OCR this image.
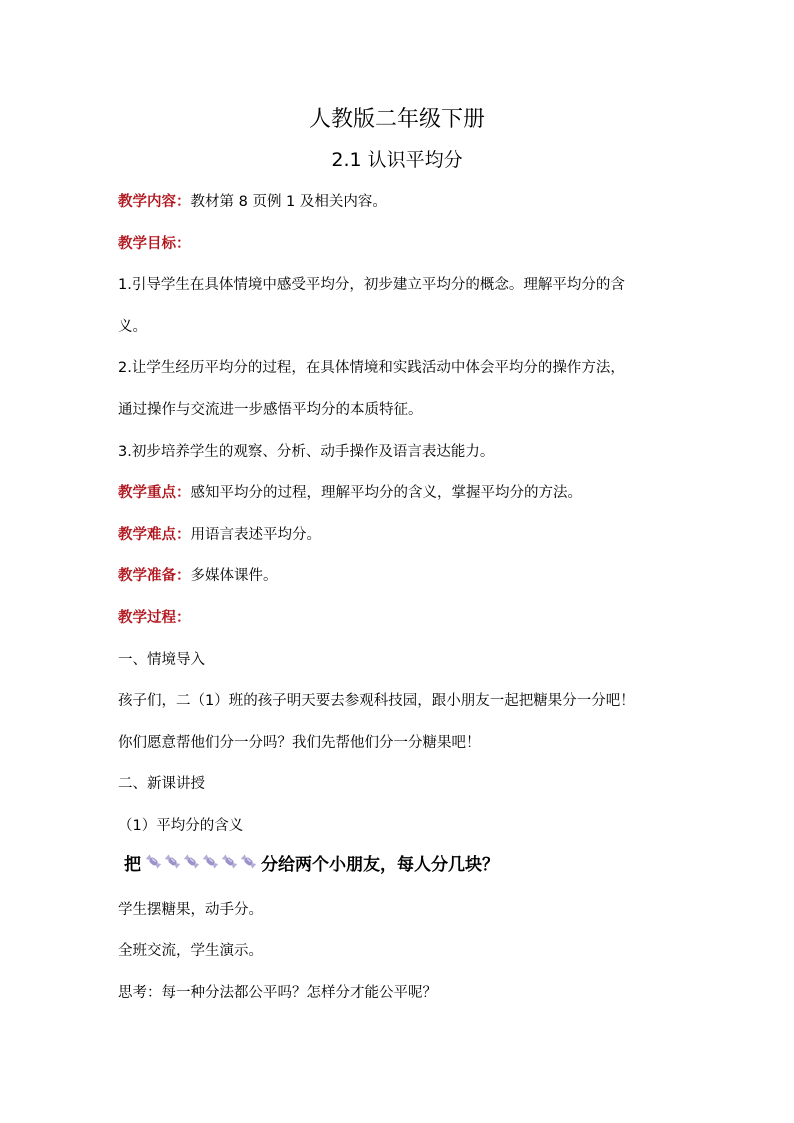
人教版二年级下册
2.1 认识平均分
教学内容：教材第 8 页例 1 及相关内容。
教学目标：
1.引导学生在具体情境中感受平均分，初步建立平均分的概念。理解平均分的含
义。
2.让学生经历平均分的过程，在具体情境和实践活动中体会平均分的操作方法，
通过操作与交流进一步感悟平均分的本质特征。
3.初步培养学生的观察、分析、动手操作及语言表达能力。
教学重点：感知平均分的过程，理解平均分的含义，掌握平均分的方法。
教学难点：用语言表述平均分。
教学准备：多媒体课件。
教学过程：
一、情境导入
孩子们，二（1）班的孩子明天要去参观科技园，跟小朋友一起把糖果分一分吧！
你们愿意帮他们分一分吗？我们先帮他们分一分糖果吧！
二、新课讲授
（1）平均分的含义
把	分给两个小朋友，每人分几块？
学生摆糖果，动手分。
全班交流，学生演示。
思考：每一种分法都公平吗？怎样分才能公平呢？
